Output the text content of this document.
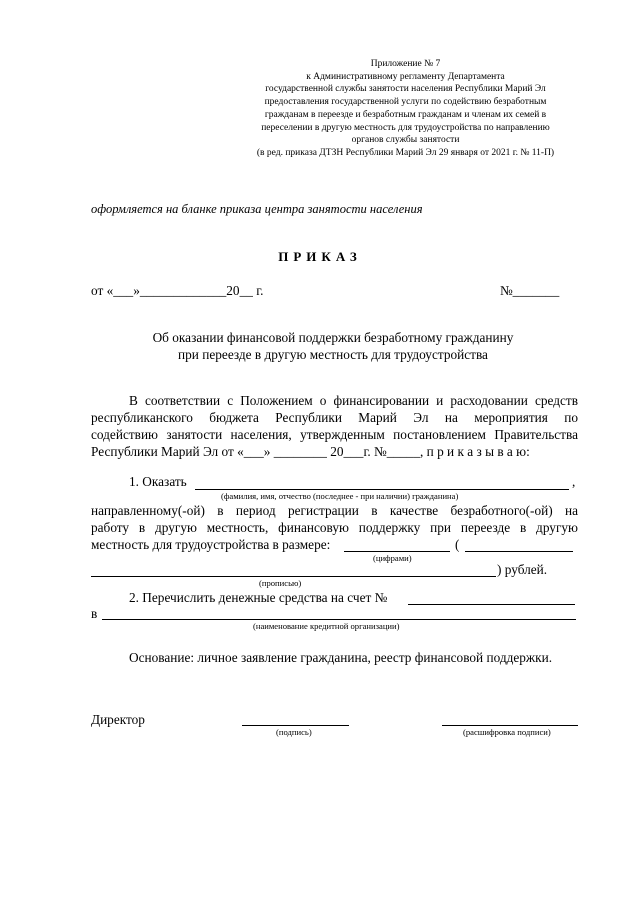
Приложение № 7
к Административному регламенту Департамента
государственной службы занятости населения Республики Марий Эл
предоставления государственной услуги по содействию безработным
гражданам в переезде и безработным гражданам и членам их семей в
переселении в другую местность для трудоустройства по направлению
органов службы занятости
(в ред. приказа ДТЗН Республики Марий Эл 29 января от 2021 г. № 11-П)
оформляется на бланке приказа центра занятости населения
ПРИКАЗ
от «___»_____________20__ г.	№_______
Об оказании финансовой поддержки безработному гражданину
при переезде в другую местность для трудоустройства
В соответствии с Положением о финансировании и расходовании средств
республиканского бюджета Республики Марий Эл на мероприятия по
содействию занятости населения, утвержденным постановлением Правительства
Республики Марий Эл от «___» ________ 20___г. №_____, п р и к а з ы в а ю:
1. Оказать	,
(фамилия, имя, отчество (последнее - при наличии) гражданина)
направленному(-ой) в период регистрации в качестве безработного(-ой) на
работу в другую местность, финансовую поддержку при переезде в другую
местность для трудоустройства в размере:	(
(цифрами)
) рублей.
(прописью)
2. Перечислить денежные средства на счет №
в
(наименование кредитной организации)
Основание: личное заявление гражданина, реестр финансовой поддержки.
Директор
(подпись)	(расшифровка подписи)
